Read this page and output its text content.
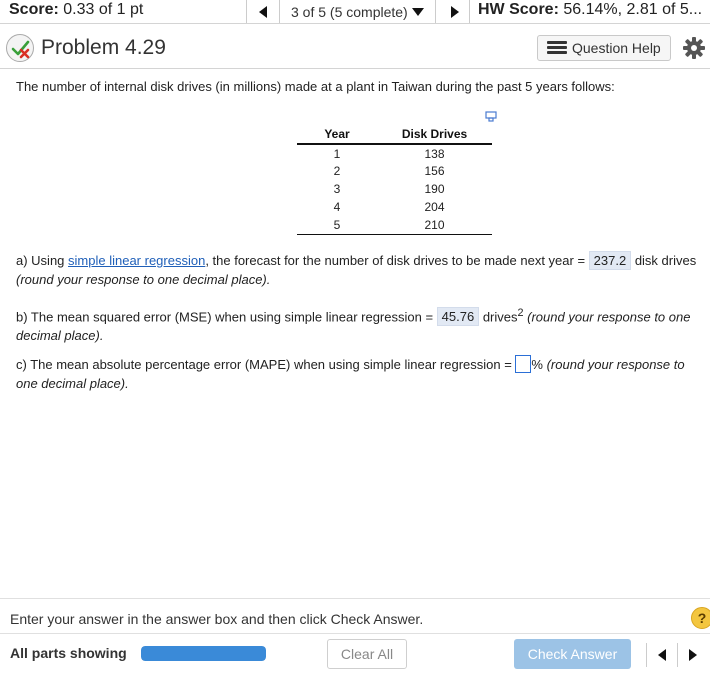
Score: 0.33 of 1 pt	3 of 5 (5 complete)	HW Score: 56.14%, 2.81 of 5...
Problem 4.29	Question Help
The number of internal disk drives (in millions) made at a plant in Taiwan during the past 5 years follows:
Year	Disk Drives
1	138
2	156
3	190
4	204
5	210
a) Using simple linear regression, the forecast for the number of disk drives to be made next year = 237.2 disk drives
(round your response to one decimal place).
b) The mean squared error (MSE) when using simple linear regression = 45.76 drives$^2$ (round your response to one decimal place).
c) The mean absolute percentage error (MAPE) when using simple linear regression = % (round your response to one decimal place).
Enter your answer in the answer box and then click Check Answer.	?
All parts showing	Clear All	Check Answer
